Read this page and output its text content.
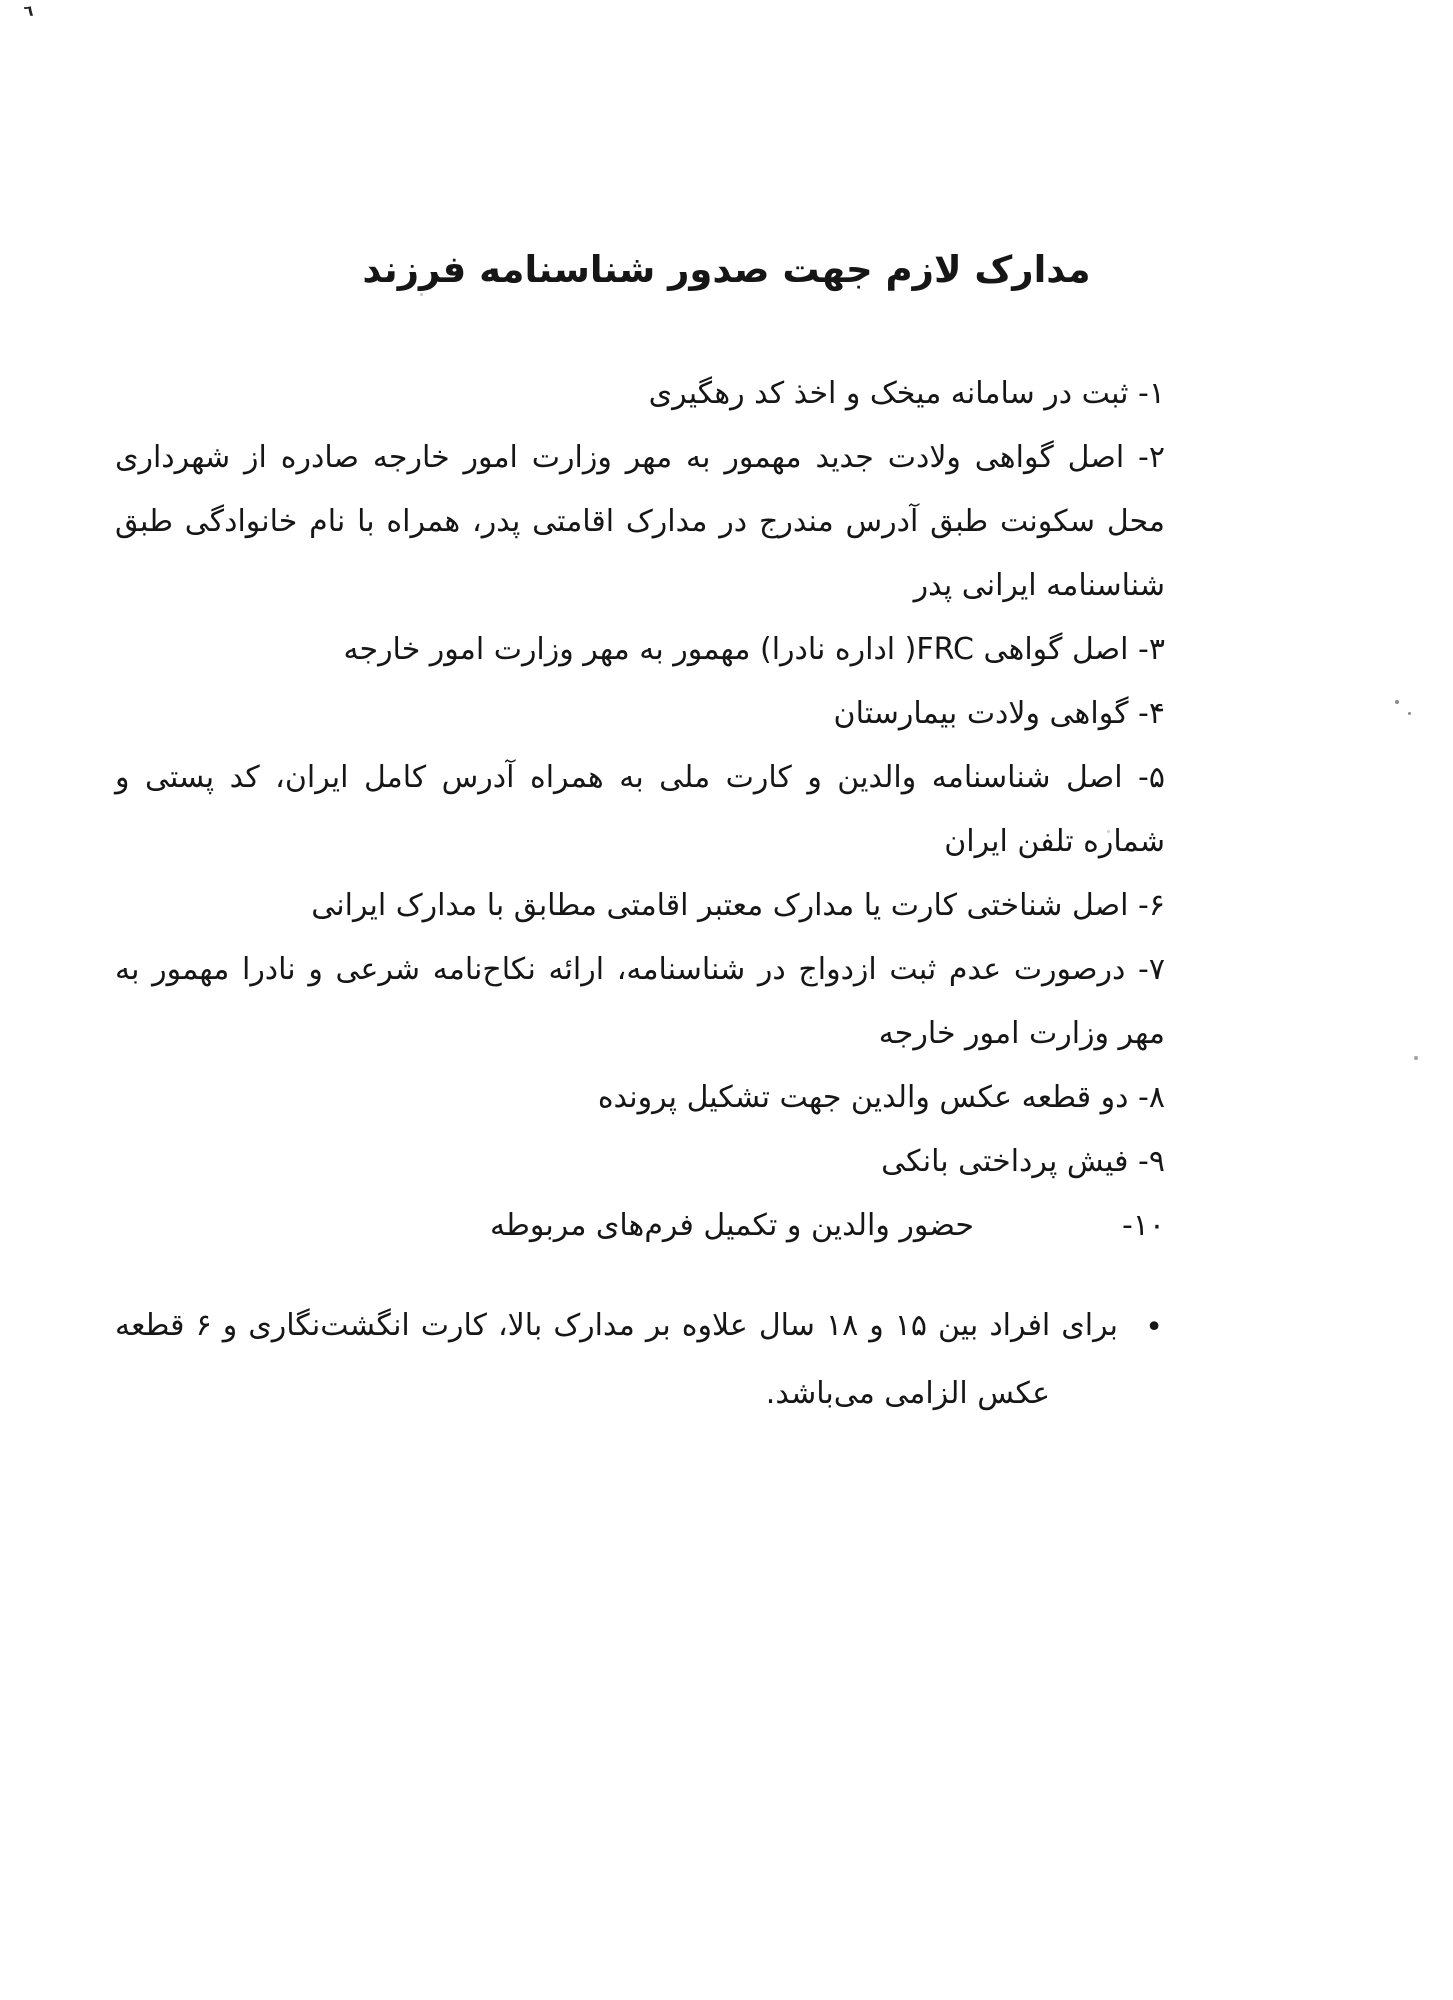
٦
مدارک لازم جهت صدور شناسنامه فرزند

۱- ثبت در سامانه میخک و اخذ کد رهگیری

۲- اصل گواهی ولادت جدید مهمور به مهر وزارت امور خارجه صادره از شهرداری محل سکونت طبق آدرس مندرج در مدارک اقامتی پدر، همراه با نام خانوادگی طبق شناسنامه ایرانی پدر

۳- اصل گواهی FRC( اداره نادرا) مهمور به مهر وزارت امور خارجه

۴- گواهی ولادت بیمارستان

۵- اصل شناسنامه والدین و کارت ملی به همراه آدرس کامل ایران، کد پستی و شماره تلفن ایران

۶- اصل شناختی کارت یا مدارک معتبر اقامتی مطابق با مدارک ایرانی

۷- درصورت عدم ثبت ازدواج در شناسنامه، ارائه نکاح‌نامه شرعی و نادرا مهمور به مهر وزارت امور خارجه

۸- دو قطعه عکس والدین جهت تشکیل پرونده

۹- فیش پرداختی بانکی

۱۰-حضور والدین و تکمیل فرم‌های مربوطه

•
برای افراد بین ۱۵ و ۱۸ سال علاوه بر مدارک بالا، کارت انگشت‌نگاری و ۶ قطعه عکس الزامی می‌باشد.
